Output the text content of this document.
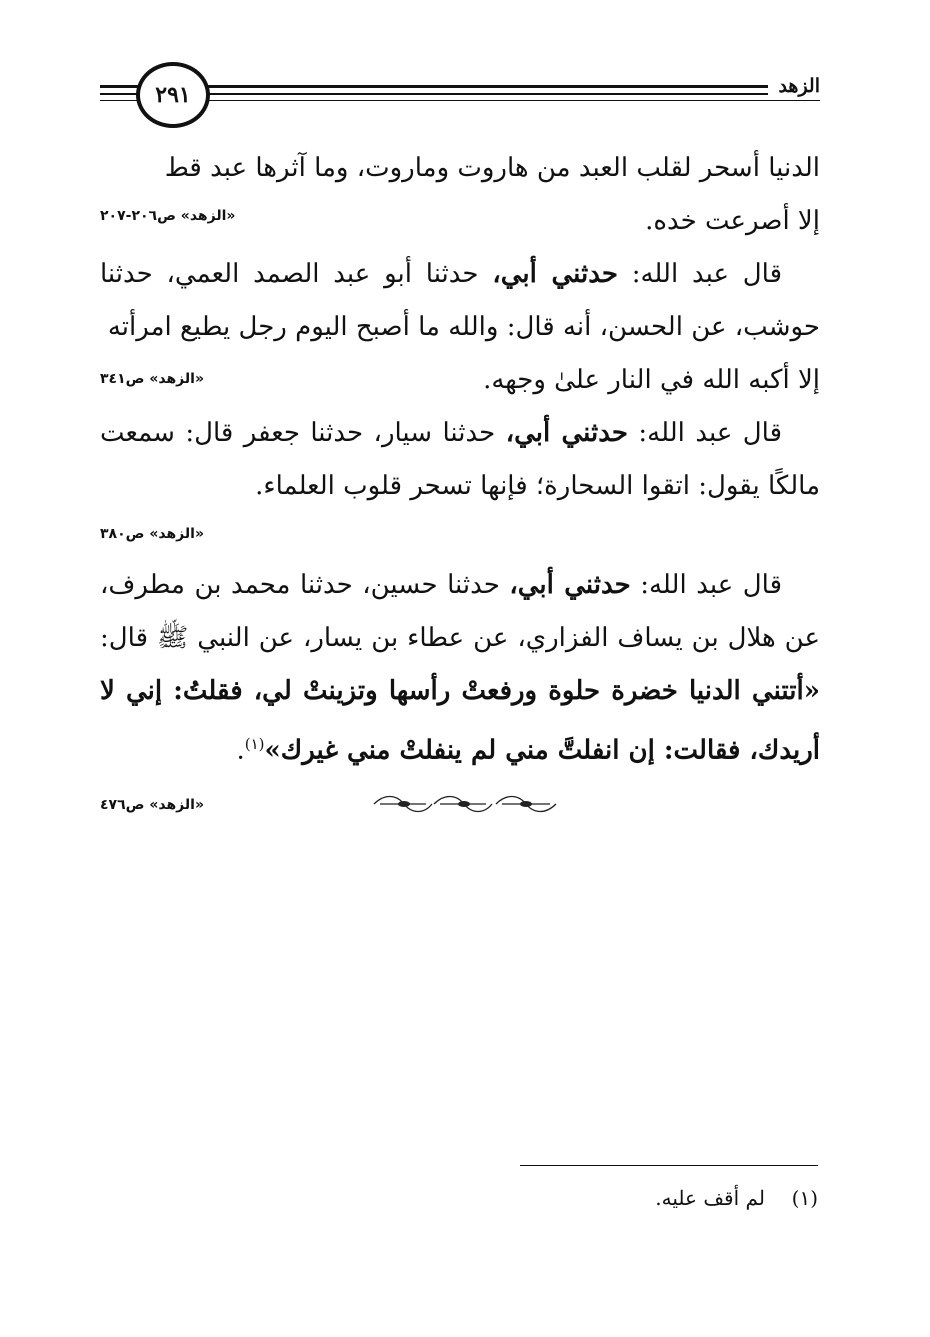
الزهد
٢٩١

الدنيا أسحر لقلب العبد من هاروت وماروت، وما آثرها عبد قط

إلا أصرعت خده.

«الزهد» ص٢٠٦-٢٠٧

قال عبد الله: حدثني أبي، حدثنا أبو عبد الصمد العمي، حدثنا حوشب، عن الحسن، أنه قال: والله ما أصبح اليوم رجل يطيع امرأته

إلا أكبه الله في النار علىٰ وجهه.

«الزهد» ص٣٤١

قال عبد الله: حدثني أبي، حدثنا سيار، حدثنا جعفر قال: سمعت مالكًا يقول: اتقوا السحارة؛ فإنها تسحر قلوب العلماء.

«الزهد» ص٣٨٠

قال عبد الله: حدثني أبي، حدثنا حسين، حدثنا محمد بن مطرف، عن هلال بن يساف الفزاري، عن عطاء بن يسار، عن النبي ﷺ قال: «أتتني الدنيا خضرة حلوة ورفعتْ رأسها وتزينتْ لي، فقلتُ: إني لا أريدك، فقالت: إن انفلتَّ مني لم ينفلتْ مني غيرك»$^{(١)}$.

«الزهد» ص٤٧٦
(١)  لم أقف عليه.
